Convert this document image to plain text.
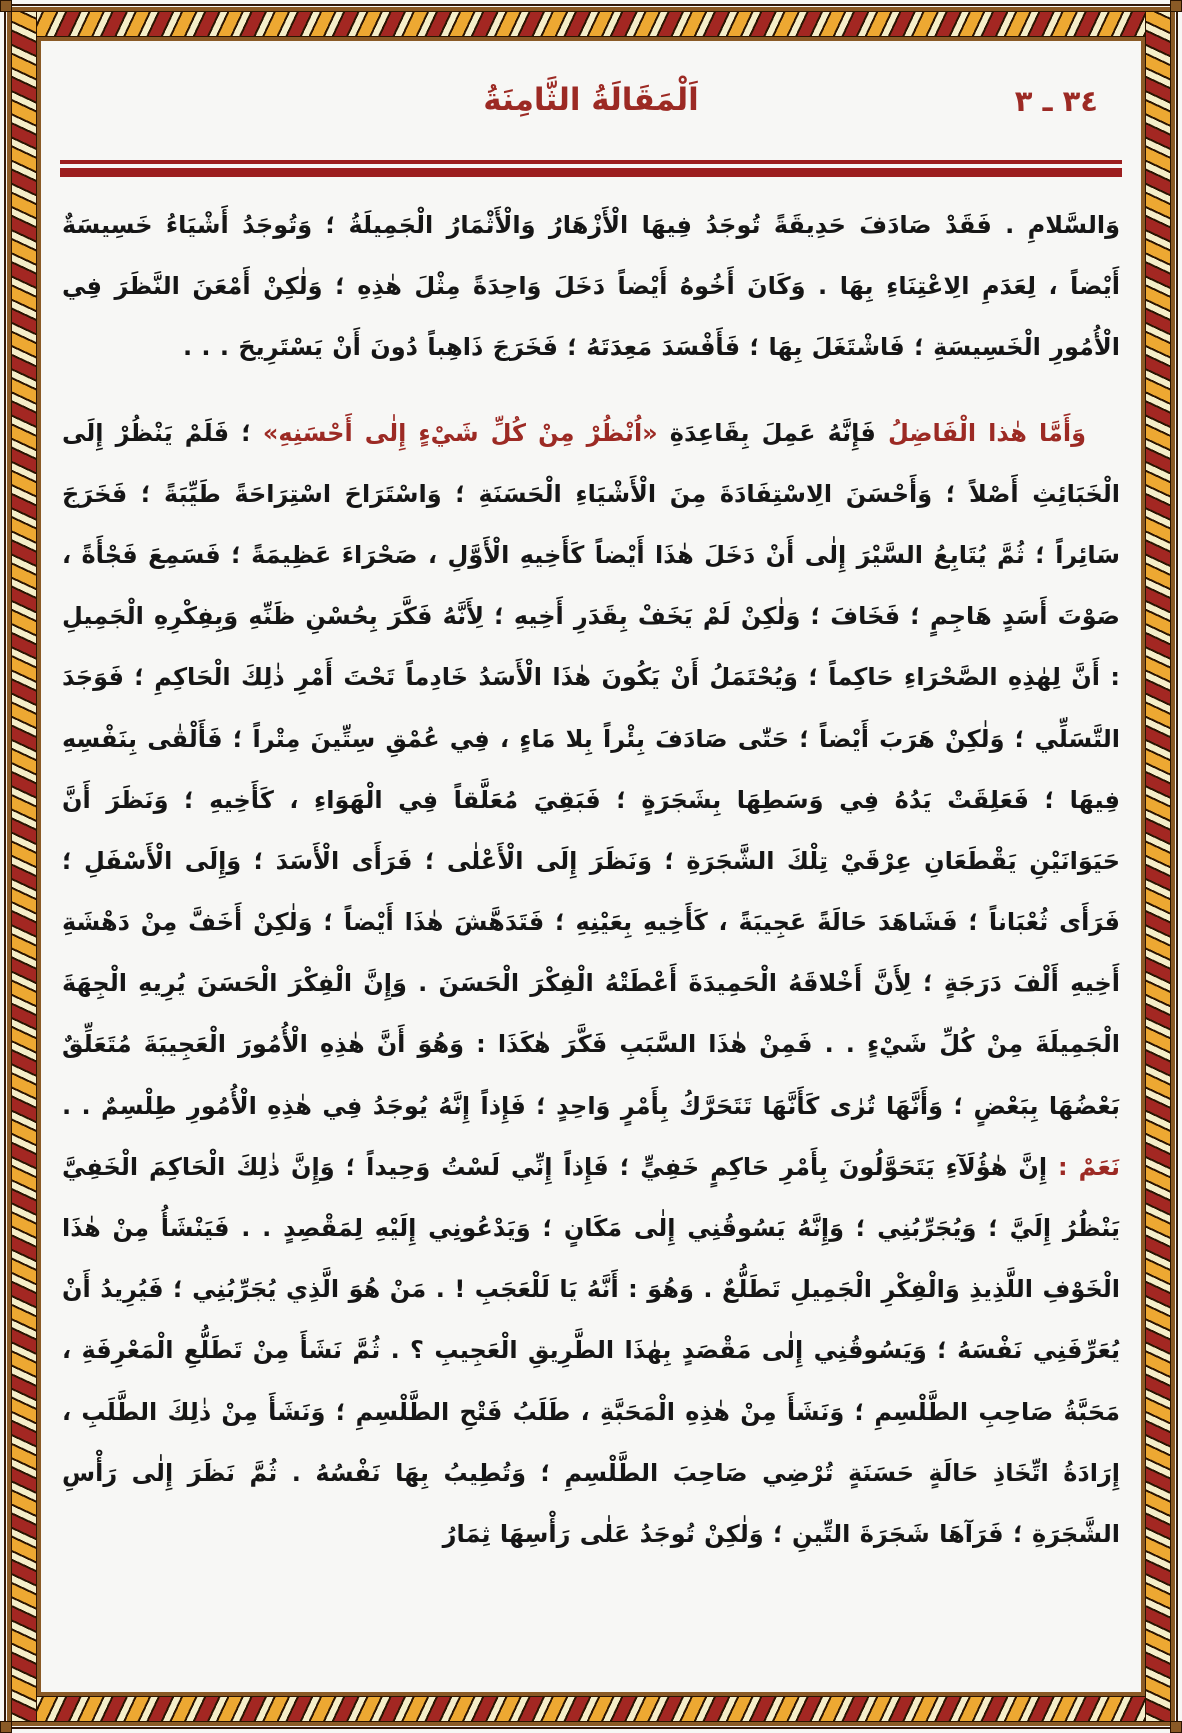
٣٤ ـ ٣
اَلْمَقَالَةُ الثَّامِنَةُ

وَالسَّلامِ . فَقَدْ صَادَفَ حَدِيقَةً تُوجَدُ فِيهَا الْأَزْهَارُ وَالْأَثْمَارُ الْجَمِيلَةُ ؛ وَتُوجَدُ أَشْيَاءُ خَسِيسَةٌ أَيْضاً ، لِعَدَمِ الِاعْتِنَاءِ بِهَا . وَكَانَ أَخُوهُ أَيْضاً دَخَلَ وَاحِدَةً مِثْلَ هٰذِهِ ؛ وَلٰكِنْ أَمْعَنَ النَّظَرَ فِي الْأُمُورِ الْخَسِيسَةِ ؛ فَاشْتَغَلَ بِهَا ؛ فَأَفْسَدَ مَعِدَتَهُ ؛ فَخَرَجَ ذَاهِباً دُونَ أَنْ يَسْتَرِيحَ . . .

وَأَمَّا هٰذا الْفَاضِلُ فَإِنَّهُ عَمِلَ بِقَاعِدَةِ «اُنْظُرْ مِنْ كُلِّ شَيْءٍ إِلٰى أَحْسَنِهِ» ؛ فَلَمْ يَنْظُرْ إِلَى الْخَبَائِثِ أَصْلاً ؛ وَأَحْسَنَ الِاسْتِفَادَةَ مِنَ الْأَشْيَاءِ الْحَسَنَةِ ؛ وَاسْتَرَاحَ اسْتِرَاحَةً طَيِّبَةً ؛ فَخَرَجَ سَائِراً ؛ ثُمَّ يُتَابِعُ السَّيْرَ إِلٰى أَنْ دَخَلَ هٰذَا أَيْضاً كَأَخِيهِ الْأَوَّلِ ، صَحْرَاءَ عَظِيمَةً ؛ فَسَمِعَ فَجْأَةً ، صَوْتَ أَسَدٍ هَاجِمٍ ؛ فَخَافَ ؛ وَلٰكِنْ لَمْ يَخَفْ بِقَدَرِ أَخِيهِ ؛ لِأَنَّهُ فَكَّرَ بِحُسْنِ ظَنِّهِ وَبِفِكْرِهِ الْجَمِيلِ : أَنَّ لِهٰذِهِ الصَّحْرَاءِ حَاكِماً ؛ وَيُحْتَمَلُ أَنْ يَكُونَ هٰذَا الْأَسَدُ خَادِماً تَحْتَ أَمْرِ ذٰلِكَ الْحَاكِمِ ؛ فَوَجَدَ التَّسَلِّي ؛ وَلٰكِنْ هَرَبَ أَيْضاً ؛ حَتّٰى صَادَفَ بِئْراً بِلا مَاءٍ ، فِي عُمْقِ سِتِّينَ مِتْراً ؛ فَأَلْقٰى بِنَفْسِهِ فِيهَا ؛ فَعَلِقَتْ يَدُهُ فِي وَسَطِهَا بِشَجَرَةٍ ؛ فَبَقِيَ مُعَلَّقاً فِي الْهَوَاءِ ، كَأَخِيهِ ؛ وَنَظَرَ أَنَّ حَيَوَانَيْنِ يَقْطَعَانِ عِرْقَيْ تِلْكَ الشَّجَرَةِ ؛ وَنَظَرَ إِلَى الْأَعْلٰى ؛ فَرَأَى الْأَسَدَ ؛ وَإِلَى الْأَسْفَلِ ؛ فَرَأَى ثُعْبَاناً ؛ فَشَاهَدَ حَالَةً عَجِيبَةً ، كَأَخِيهِ بِعَيْنِهِ ؛ فَتَدَهَّشَ هٰذَا أَيْضاً ؛ وَلٰكِنْ أَخَفَّ مِنْ دَهْشَةِ أَخِيهِ أَلْفَ دَرَجَةٍ ؛ لِأَنَّ أَخْلاقَهُ الْحَمِيدَةَ أَعْطَتْهُ الْفِكْرَ الْحَسَنَ . وَإِنَّ الْفِكْرَ الْحَسَنَ يُرِيهِ الْجِهَةَ الْجَمِيلَةَ مِنْ كُلِّ شَيْءٍ . . فَمِنْ هٰذَا السَّبَبِ فَكَّرَ هٰكَذَا : وَهُوَ أَنَّ هٰذِهِ الْأُمُورَ الْعَجِيبَةَ مُتَعَلِّقٌ بَعْضُهَا بِبَعْضٍ ؛ وَأَنَّهَا تُرٰى كَأَنَّهَا تَتَحَرَّكُ بِأَمْرٍ وَاحِدٍ ؛ فَإِذاً إِنَّهُ يُوجَدُ فِي هٰذِهِ الْأُمُورِ طِلْسِمٌ . . نَعَمْ : إِنَّ هٰؤُلَآءِ يَتَحَوَّلُونَ بِأَمْرِ حَاكِمٍ خَفِيٍّ ؛ فَإِذاً إِنِّي لَسْتُ وَحِيداً ؛ وَإِنَّ ذٰلِكَ الْحَاكِمَ الْخَفِيَّ يَنْظُرُ إِلَيَّ ؛ وَيُجَرِّبُنِي ؛ وَإِنَّهُ يَسُوقُنِي إِلٰى مَكَانٍ ؛ وَيَدْعُونِي إِلَيْهِ لِمَقْصِدٍ . . فَيَنْشَأُ مِنْ هٰذَا الْخَوْفِ اللَّذِيذِ وَالْفِكْرِ الْجَمِيلِ تَطَلُّعٌ . وَهُوَ : أَنَّهُ يَا لَلْعَجَبِ ! . مَنْ هُوَ الَّذِي يُجَرِّبُنِي ؛ فَيُرِيدُ أَنْ يُعَرِّفَنِي نَفْسَهُ ؛ وَيَسُوقُنِي إِلٰى مَقْصَدٍ بِهٰذَا الطَّرِيقِ الْعَجِيبِ ؟ . ثُمَّ نَشَأَ مِنْ تَطَلُّعِ الْمَعْرِفَةِ ، مَحَبَّةُ صَاحِبِ الطَّلْسِمِ ؛ وَنَشَأَ مِنْ هٰذِهِ الْمَحَبَّةِ ، طَلَبُ فَتْحِ الطَّلْسِمِ ؛ وَنَشَأَ مِنْ ذٰلِكَ الطَّلَبِ ، إِرَادَةُ اتِّخَاذِ حَالَةٍ حَسَنَةٍ تُرْضِي صَاحِبَ الطَّلْسِمِ ؛ وَتُطِيبُ بِهَا نَفْسُهُ . ثُمَّ نَظَرَ إِلٰى رَأْسِ الشَّجَرَةِ ؛ فَرَآهَا شَجَرَةَ التِّينِ ؛ وَلٰكِنْ تُوجَدُ عَلٰى رَأْسِهَا ثِمَارُ
